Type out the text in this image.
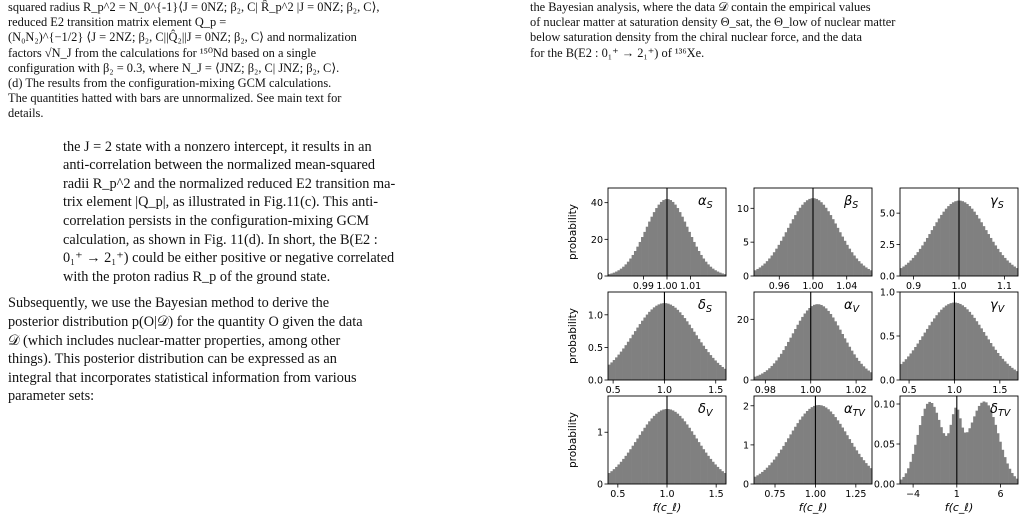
squared radius R_p^2 = N_0^{-1}⟨J = 0NZ; β₂, C| R̂_p^2 |J = 0NZ; β₂, C⟩,
reduced E2 transition matrix element Q_p =
(N₀N₂)^{−1/2} ⟨J = 2NZ; β₂, C||Q̂₂||J = 0NZ; β₂, C⟩ and normalization
factors √N_J from the calculations for ¹⁵⁰Nd based on a single
configuration with β₂ = 0.3, where N_J = ⟨JNZ; β₂, C| JNZ; β₂, C⟩.
(d) The results from the configuration-mixing GCM calculations.
The quantities hatted with bars are unnormalized. See main text for
details.
the J = 2 state with a nonzero intercept, it results in an
anti-correlation between the normalized mean-squared
radii R_p^2 and the normalized reduced E2 transition ma-
trix element |Q_p|, as illustrated in Fig.11(c). This anti-
correlation persists in the configuration-mixing GCM
calculation, as shown in Fig. 11(d). In short, the B(E2 :
0₁⁺ → 2₁⁺) could be either positive or negative correlated
with the proton radius R_p of the ground state.
Subsequently, we use the Bayesian method to derive the
posterior distribution p(O|𝒟) for the quantity O given the data
𝒟 (which includes nuclear-matter properties, among other
things). This posterior distribution can be expressed as an
integral that incorporates statistical information from various
parameter sets:
the Bayesian analysis, where the data 𝒟 contain the empirical values
of nuclear matter at saturation density Θ_sat, the Θ_low of nuclear matter
below saturation density from the chiral nuclear force, and the data
for the B(E2 : 0₁⁺ → 2₁⁺) of ¹³⁶Xe.
$\alpha_S$
0.99 1.00 1.01
0
20
40
probability
$\beta_S$
0.96 1.00 1.04
0
5
10
$\gamma_S$
0.9	1.0	1.1
0.0
2.5
5.0
$\delta_S$
0.5	1.0	1.5
0.0
0.5
1.0
probability
$\alpha_V$
0.98	1.00	1.02
0
20
$\gamma_V$
0.5	1.0	1.5
0.0
0.5
1.0
$\delta_V$
0.5	1.0	1.5
0
1
probability
f(c_ℓ)
$\alpha_{TV}$
0.75 1.00 1.25
0
1
2
f(c_ℓ)
$\delta_{TV}$
−4	1	6
0.00
0.05
0.10
f(c_ℓ)
